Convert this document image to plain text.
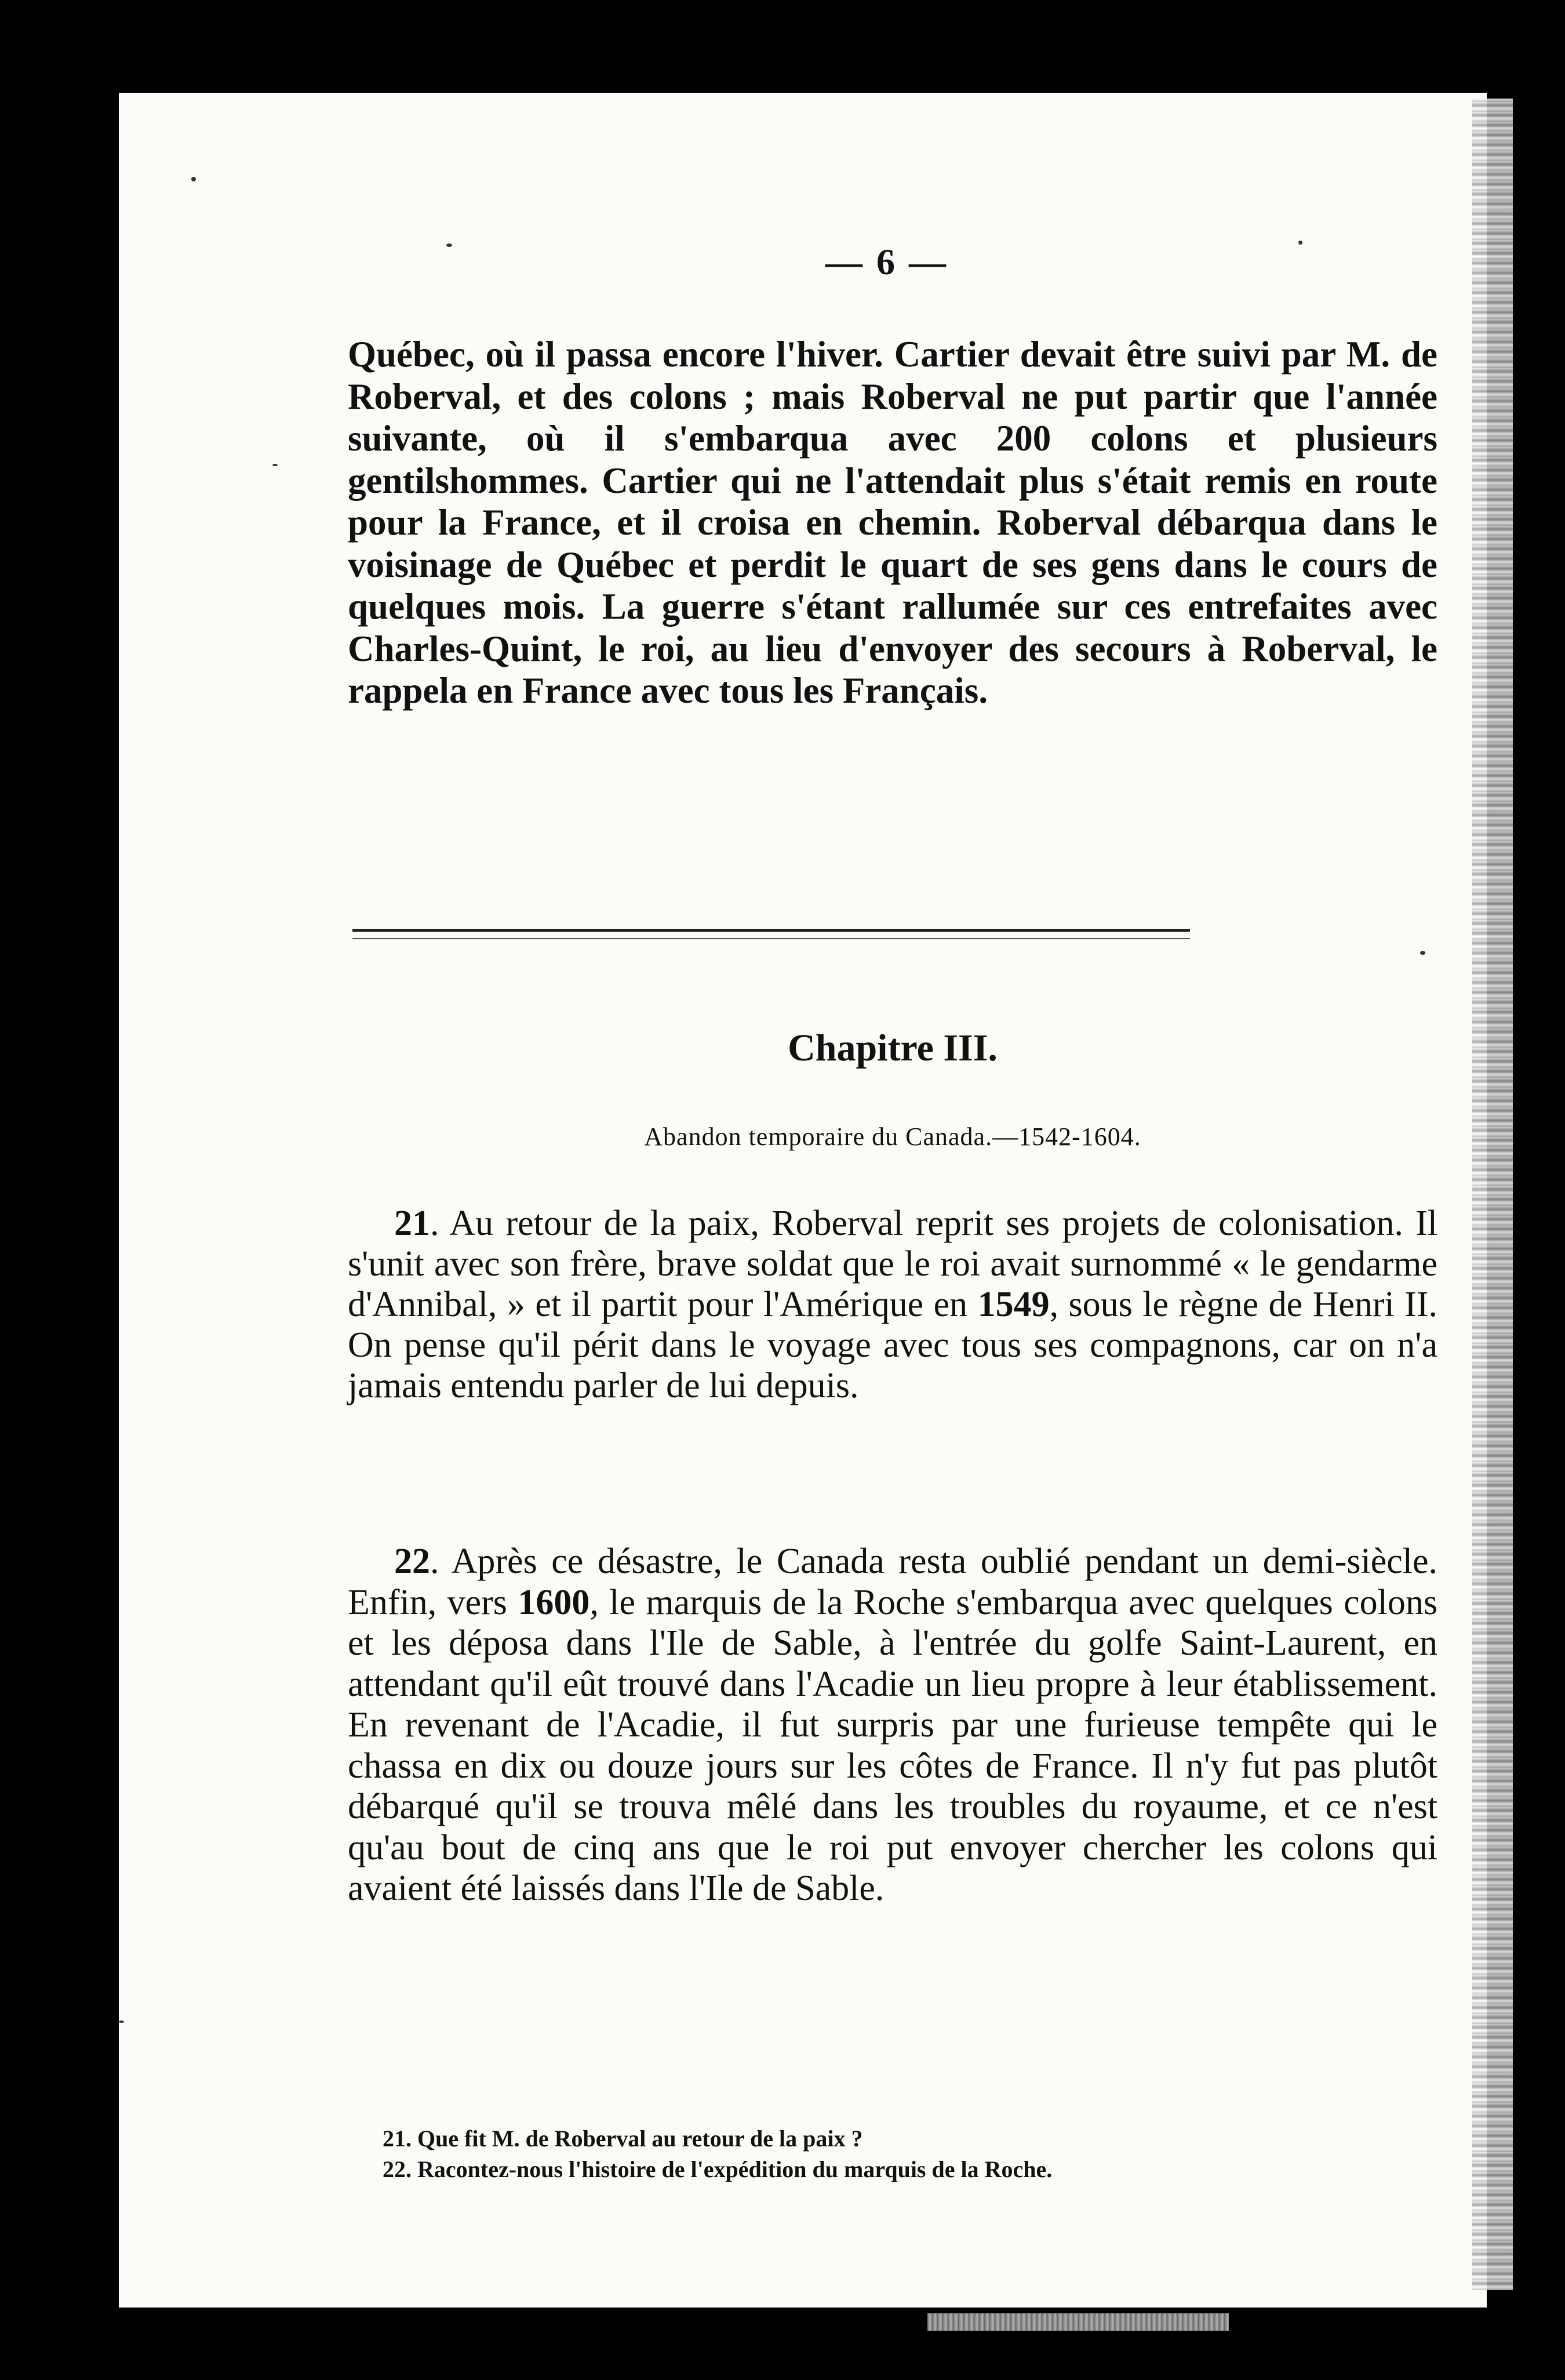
— 6 —

Québec, où il passa encore l'hiver. Cartier devait être suivi par M. de Roberval, et des colons ; mais Roberval ne put partir que l'année suivante, où il s'embarqua avec 200 colons et plusieurs gentilshommes. Cartier qui ne l'attendait plus s'était remis en route pour la France, et il croisa en chemin. Roberval débarqua dans le voisinage de Québec et perdit le quart de ses gens dans le cours de quelques mois. La guerre s'étant rallumée sur ces entrefaites avec Charles-Quint, le roi, au lieu d'envoyer des secours à Roberval, le rappela en France avec tous les Français.

Chapitre III.
Abandon temporaire du Canada.—1542-1604.

21. Au retour de la paix, Roberval reprit ses projets de colonisation. Il s'unit avec son frère, brave soldat que le roi avait surnommé « le gendarme d'Annibal, » et il partit pour l'Amérique en 1549, sous le règne de Henri II. On pense qu'il périt dans le voyage avec tous ses compagnons, car on n'a jamais entendu parler de lui depuis.

22. Après ce désastre, le Canada resta oublié pendant un demi-siècle. Enfin, vers 1600, le marquis de la Roche s'embarqua avec quelques colons et les déposa dans l'Ile de Sable, à l'entrée du golfe Saint-Laurent, en attendant qu'il eût trouvé dans l'Acadie un lieu propre à leur établissement. En revenant de l'Acadie, il fut surpris par une furieuse tempête qui le chassa en dix ou douze jours sur les côtes de France. Il n'y fut pas plutôt débarqué qu'il se trouva mêlé dans les troubles du royaume, et ce n'est qu'au bout de cinq ans que le roi put envoyer chercher les colons qui avaient été laissés dans l'Ile de Sable.

21. Que fit M. de Roberval au retour de la paix ?

22. Racontez-nous l'histoire de l'expédition du marquis de la Roche.
